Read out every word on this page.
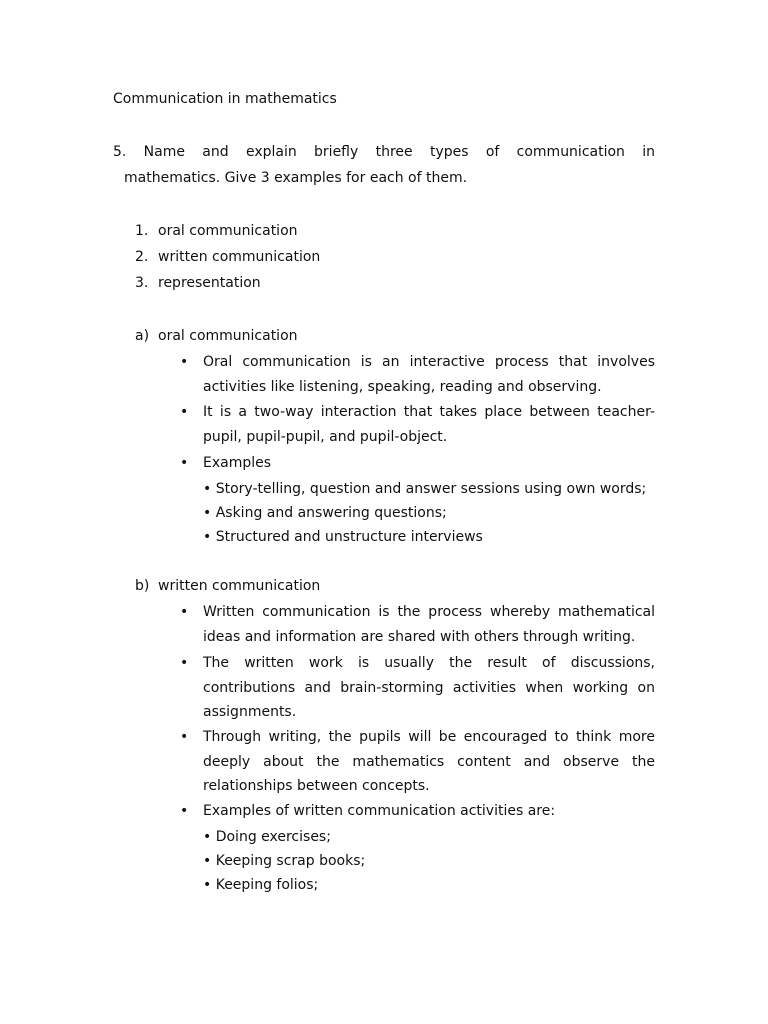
Communication in mathematics
5. Name and explain briefly three types of communication in
mathematics. Give 3 examples for each of them.
1. oral communication
2. written communication
3. representation
a) oral communication
• Oral communication is an interactive process that involves
activities like listening, speaking, reading and observing.
• It is a two-way interaction that takes place between teacher-
pupil, pupil-pupil, and pupil-object.
• Examples
• Story-telling, question and answer sessions using own words;
• Asking and answering questions;
• Structured and unstructure interviews
b) written communication
• Written communication is the process whereby mathematical
ideas and information are shared with others through writing.
• The written work is usually the result of discussions,
contributions and brain-storming activities when working on
assignments.
• Through writing, the pupils will be encouraged to think more
deeply about the mathematics content and observe the
relationships between concepts.
• Examples of written communication activities are:
• Doing exercises;
• Keeping scrap books;
• Keeping folios;
